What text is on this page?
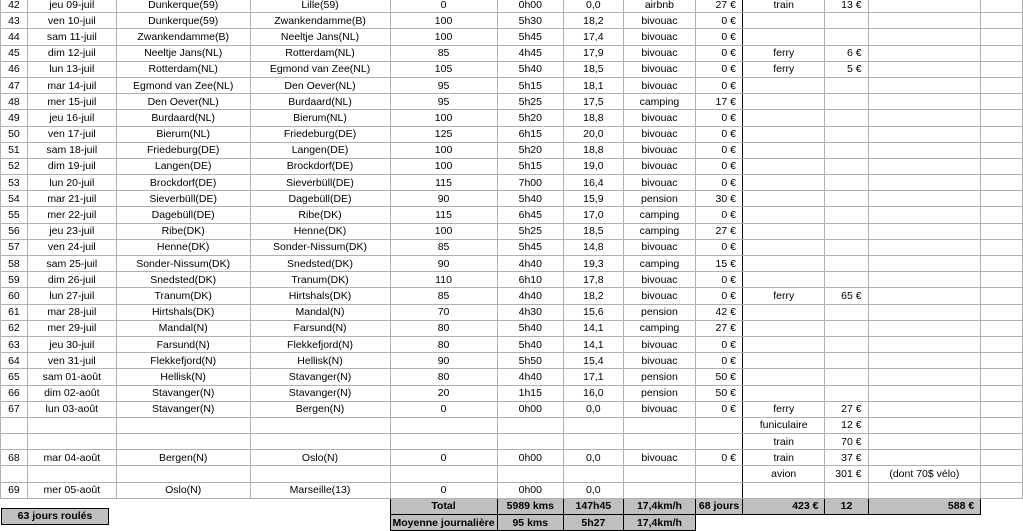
42	jeu 09-juil	Dunkerque(59)	Lille(59)	0	0h00	0,0	airbnb	27 €	train	13 €		
43	ven 10-juil	Dunkerque(59)	Zwankendamme(B)	100	5h30	18,2	bivouac	0 €				
44	sam 11-juil	Zwankendamme(B)	Neeltje Jans(NL)	100	5h45	17,4	bivouac	0 €				
45	dim 12-juil	Neeltje Jans(NL)	Rotterdam(NL)	85	4h45	17,9	bivouac	0 €	ferry	6 €		
46	lun 13-juil	Rotterdam(NL)	Egmond van Zee(NL)	105	5h40	18,5	bivouac	0 €	ferry	5 €		
47	mar 14-juil	Egmond van Zee(NL)	Den Oever(NL)	95	5h15	18,1	bivouac	0 €				
48	mer 15-juil	Den Oever(NL)	Burdaard(NL)	95	5h25	17,5	camping	17 €				
49	jeu 16-juil	Burdaard(NL)	Bierum(NL)	100	5h20	18,8	bivouac	0 €				
50	ven 17-juil	Bierum(NL)	Friedeburg(DE)	125	6h15	20,0	bivouac	0 €				
51	sam 18-juil	Friedeburg(DE)	Langen(DE)	100	5h20	18,8	bivouac	0 €				
52	dim 19-juil	Langen(DE)	Brockdorf(DE)	100	5h15	19,0	bivouac	0 €				
53	lun 20-juil	Brockdorf(DE)	Sieverbüll(DE)	115	7h00	16,4	bivouac	0 €				
54	mar 21-juil	Sieverbüll(DE)	Dagebüll(DE)	90	5h40	15,9	pension	30 €				
55	mer 22-juil	Dagebüll(DE)	Ribe(DK)	115	6h45	17,0	camping	0 €				
56	jeu 23-juil	Ribe(DK)	Henne(DK)	100	5h25	18,5	camping	27 €				
57	ven 24-juil	Henne(DK)	Sonder-Nissum(DK)	85	5h45	14,8	bivouac	0 €				
58	sam 25-juil	Sonder-Nissum(DK)	Snedsted(DK)	90	4h40	19,3	camping	15 €				
59	dim 26-juil	Snedsted(DK)	Tranum(DK)	110	6h10	17,8	bivouac	0 €				
60	lun 27-juil	Tranum(DK)	Hirtshals(DK)	85	4h40	18,2	bivouac	0 €	ferry	65 €		
61	mar 28-juil	Hirtshals(DK)	Mandal(N)	70	4h30	15,6	pension	42 €				
62	mer 29-juil	Mandal(N)	Farsund(N)	80	5h40	14,1	camping	27 €				
63	jeu 30-juil	Farsund(N)	Flekkefjord(N)	80	5h40	14,1	bivouac	0 €				
64	ven 31-juil	Flekkefjord(N)	Hellisk(N)	90	5h50	15,4	bivouac	0 €				
65	sam 01-août	Hellisk(N)	Stavanger(N)	80	4h40	17,1	pension	50 €				
66	dim 02-août	Stavanger(N)	Stavanger(N)	20	1h15	16,0	pension	50 €				
67	lun 03-août	Stavanger(N)	Bergen(N)	0	0h00	0,0	bivouac	0 €	ferry	27 €		
									funiculaire	12 €		
									train	70 €		
68	mar 04-août	Bergen(N)	Oslo(N)	0	0h00	0,0	bivouac	0 €	train	37 €		
									avion	301 €	(dont 70$ vélo)	
69	mer 05-août	Oslo(N)	Marseille(13)	0	0h00	0,0						
				Total	5989 kms	147h45	17,4km/h	68 jours	423 €	12	588 €	
				Moyenne journalière	95 kms	5h27	17,4km/h					
63 jours roulés
